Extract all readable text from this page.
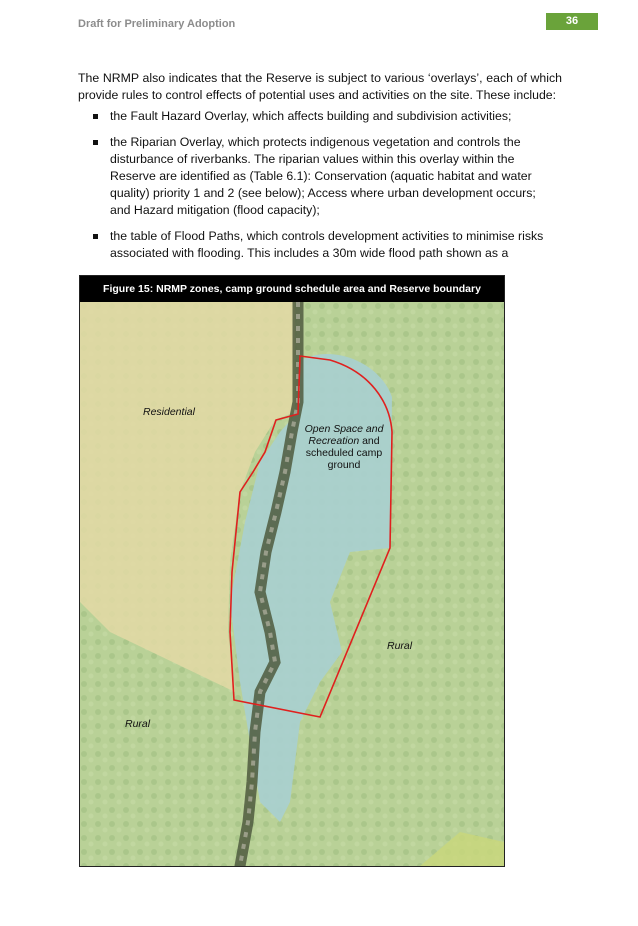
Draft for Preliminary Adoption	36

The NRMP also indicates that the Reserve is subject to various ‘overlays’, each of which provide rules to control effects of potential uses and activities on the site. These include:

the Fault Hazard Overlay, which affects building and subdivision activities;
the Riparian Overlay, which protects indigenous vegetation and controls the disturbance of riverbanks. The riparian values within this overlay within the Reserve are identified as (Table 6.1): Conservation (aquatic habitat and water quality) priority 1 and 2 (see below); Access where urban development occurs; and Hazard mitigation (flood capacity);
the table of Flood Paths, which controls development activities to minimise risks associated with flooding. This includes a 30m wide flood path shown as a
Figure 15: NRMP zones, camp ground schedule area and Reserve boundary
Residential
Rural
Rural
Open Space and
Recreation and
scheduled camp
ground
